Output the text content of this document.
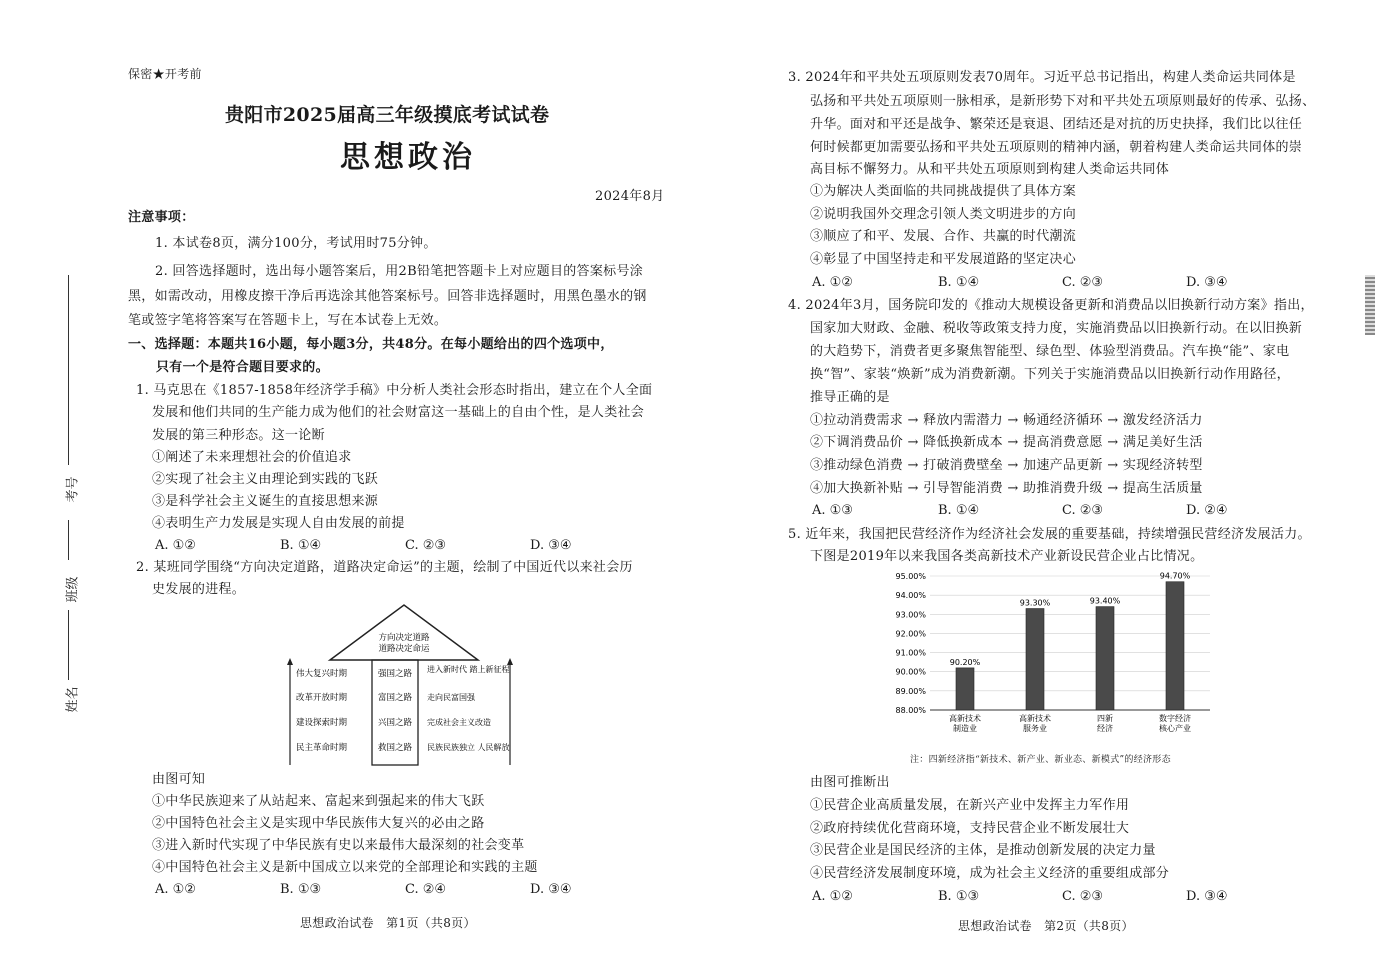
保密★开考前
贵阳市2025届高三年级摸底考试试卷
思想政治
2024年8月
注意事项：
1. 本试卷8页，满分100分，考试用时75分钟。
2. 回答选择题时，选出每小题答案后，用2B铅笔把答题卡上对应题目的答案标号涂
黑，如需改动，用橡皮擦干净后再选涂其他答案标号。回答非选择题时，用黑色墨水的钢
笔或签字笔将答案写在答题卡上，写在本试卷上无效。
一、选择题：本题共16小题，每小题3分，共48分。在每小题给出的四个选项中，
只有一个是符合题目要求的。
1. 马克思在《1857-1858年经济学手稿》中分析人类社会形态时指出，建立在个人全面
发展和他们共同的生产能力成为他们的社会财富这一基础上的自由个性，是人类社会
发展的第三种形态。这一论断
①阐述了未来理想社会的价值追求
②实现了社会主义由理论到实践的飞跃
③是科学社会主义诞生的直接思想来源
④表明生产力发展是实现人自由发展的前提
A. ①②	B. ①④	C. ②③	D. ③④
2. 某班同学围绕“方向决定道路，道路决定命运”的主题，绘制了中国近代以来社会历
史发展的进程。
方向决定道路
道路决定命运
伟大复兴时期
改革开放时期
建设探索时期
民主革命时期
强国之路
富国之路
兴国之路
救国之路
进入新时代 踏上新征程
走向民富国强
完成社会主义改造
民族民族独立 人民解放
由图可知
①中华民族迎来了从站起来、富起来到强起来的伟大飞跃
②中国特色社会主义是实现中华民族伟大复兴的必由之路
③进入新时代实现了中华民族有史以来最伟大最深刻的社会变革
④中国特色社会主义是新中国成立以来党的全部理论和实践的主题
A. ①②	B. ①③	C. ②④	D. ③④
思想政治试卷　第1页（共8页）
考号
班级
姓名
3. 2024年和平共处五项原则发表70周年。习近平总书记指出，构建人类命运共同体是
弘扬和平共处五项原则一脉相承，是新形势下对和平共处五项原则最好的传承、弘扬、
升华。面对和平还是战争、繁荣还是衰退、团结还是对抗的历史抉择，我们比以往任
何时候都更加需要弘扬和平共处五项原则的精神内涵，朝着构建人类命运共同体的崇
高目标不懈努力。从和平共处五项原则到构建人类命运共同体
①为解决人类面临的共同挑战提供了具体方案
②说明我国外交理念引领人类文明进步的方向
③顺应了和平、发展、合作、共赢的时代潮流
④彰显了中国坚持走和平发展道路的坚定决心
A. ①②	B. ①④	C. ②③	D. ③④
4. 2024年3月，国务院印发的《推动大规模设备更新和消费品以旧换新行动方案》指出，
国家加大财政、金融、税收等政策支持力度，实施消费品以旧换新行动。在以旧换新
的大趋势下，消费者更多聚焦智能型、绿色型、体验型消费品。汽车换“能”、家电
换“智”、家装“焕新”成为消费新潮。下列关于实施消费品以旧换新行动作用路径，
推导正确的是
①拉动消费需求 → 释放内需潜力 → 畅通经济循环 → 激发经济活力
②下调消费品价 → 降低换新成本 → 提高消费意愿 → 满足美好生活
③推动绿色消费 → 打破消费壁垒 → 加速产品更新 → 实现经济转型
④加大换新补贴 → 引导智能消费 → 助推消费升级 → 提高生活质量
A. ①③	B. ①④	C. ②③	D. ②④
5. 近年来，我国把民营经济作为经济社会发展的重要基础，持续增强民营经济发展活力。
下图是2019年以来我国各类高新技术产业新设民营企业占比情况。
88.00%
89.00%
90.00%
91.00%
92.00%
93.00%
94.00%
95.00%
90.20%
高新技术
制造业
93.30%
高新技术
服务业
93.40%
四新
经济
94.70%
数字经济
核心产业
注：四新经济指“新技术、新产业、新业态、新模式”的经济形态
由图可推断出
①民营企业高质量发展，在新兴产业中发挥主力军作用
②政府持续优化营商环境，支持民营企业不断发展壮大
③民营企业是国民经济的主体，是推动创新发展的决定力量
④民营经济发展制度环境，成为社会主义经济的重要组成部分
A. ①②	B. ①③	C. ②③	D. ③④
思想政治试卷　第2页（共8页）
